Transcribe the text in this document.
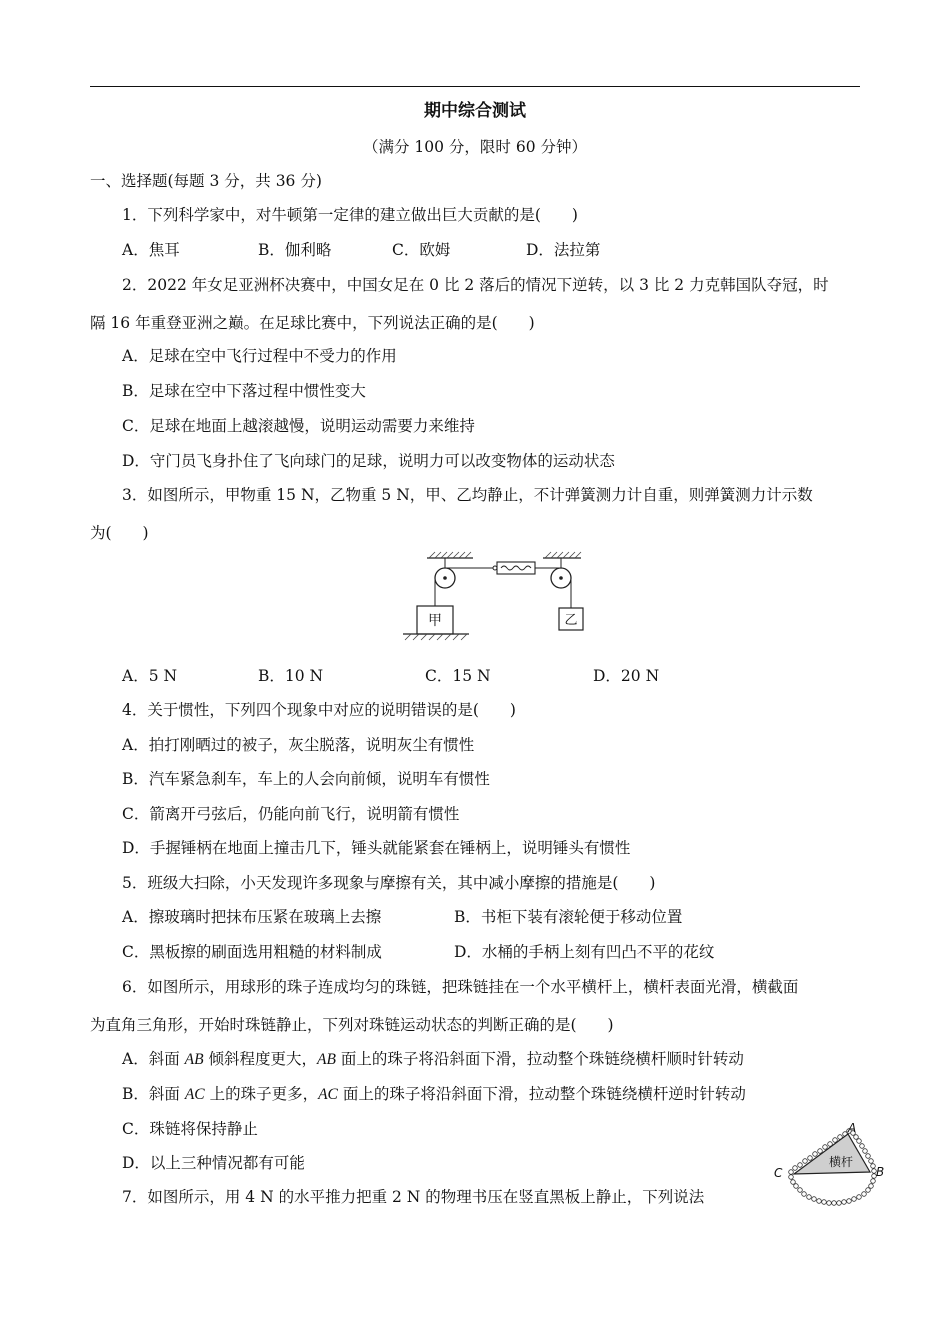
期中综合测试
（满分 100 分，限时 60 分钟）
一、选择题(每题 3 分，共 36 分)
1．下列科学家中，对牛顿第一定律的建立做出巨大贡献的是(　　)
A．焦耳	B．伽利略	C．欧姆	D．法拉第
2．2022 年女足亚洲杯决赛中，中国女足在 0 比 2 落后的情况下逆转，以 3 比 2 力克韩国队夺冠，时
隔 16 年重登亚洲之巅。在足球比赛中，下列说法正确的是(　　)
A．足球在空中飞行过程中不受力的作用
B．足球在空中下落过程中惯性变大
C．足球在地面上越滚越慢，说明运动需要力来维持
D．守门员飞身扑住了飞向球门的足球，说明力可以改变物体的运动状态
3．如图所示，甲物重 15 N，乙物重 5 N，甲、乙均静止，不计弹簧测力计自重，则弹簧测力计示数
为(　　)
甲	乙
A．5 N	B．10 N	C．15 N	D．20 N
4．关于惯性，下列四个现象中对应的说明错误的是(　　)
A．拍打刚晒过的被子，灰尘脱落，说明灰尘有惯性
B．汽车紧急刹车，车上的人会向前倾，说明车有惯性
C．箭离开弓弦后，仍能向前飞行，说明箭有惯性
D．手握锤柄在地面上撞击几下，锤头就能紧套在锤柄上，说明锤头有惯性
5．班级大扫除，小天发现许多现象与摩擦有关，其中减小摩擦的措施是(　　)
A．擦玻璃时把抹布压紧在玻璃上去擦	B．书柜下装有滚轮便于移动位置
C．黑板擦的刷面选用粗糙的材料制成	D．水桶的手柄上刻有凹凸不平的花纹
6．如图所示，用球形的珠子连成均匀的珠链，把珠链挂在一个水平横杆上，横杆表面光滑，横截面
为直角三角形，开始时珠链静止，下列对珠链运动状态的判断正确的是(　　)
A．斜面 AB 倾斜程度更大，AB 面上的珠子将沿斜面下滑，拉动整个珠链绕横杆顺时针转动
B．斜面 AC 上的珠子更多，AC 面上的珠子将沿斜面下滑，拉动整个珠链绕横杆逆时针转动
C．珠链将保持静止
D．以上三种情况都有可能	横杆
A
B
C
7．如图所示，用 4 N 的水平推力把重 2 N 的物理书压在竖直黑板上静止，下列说法
